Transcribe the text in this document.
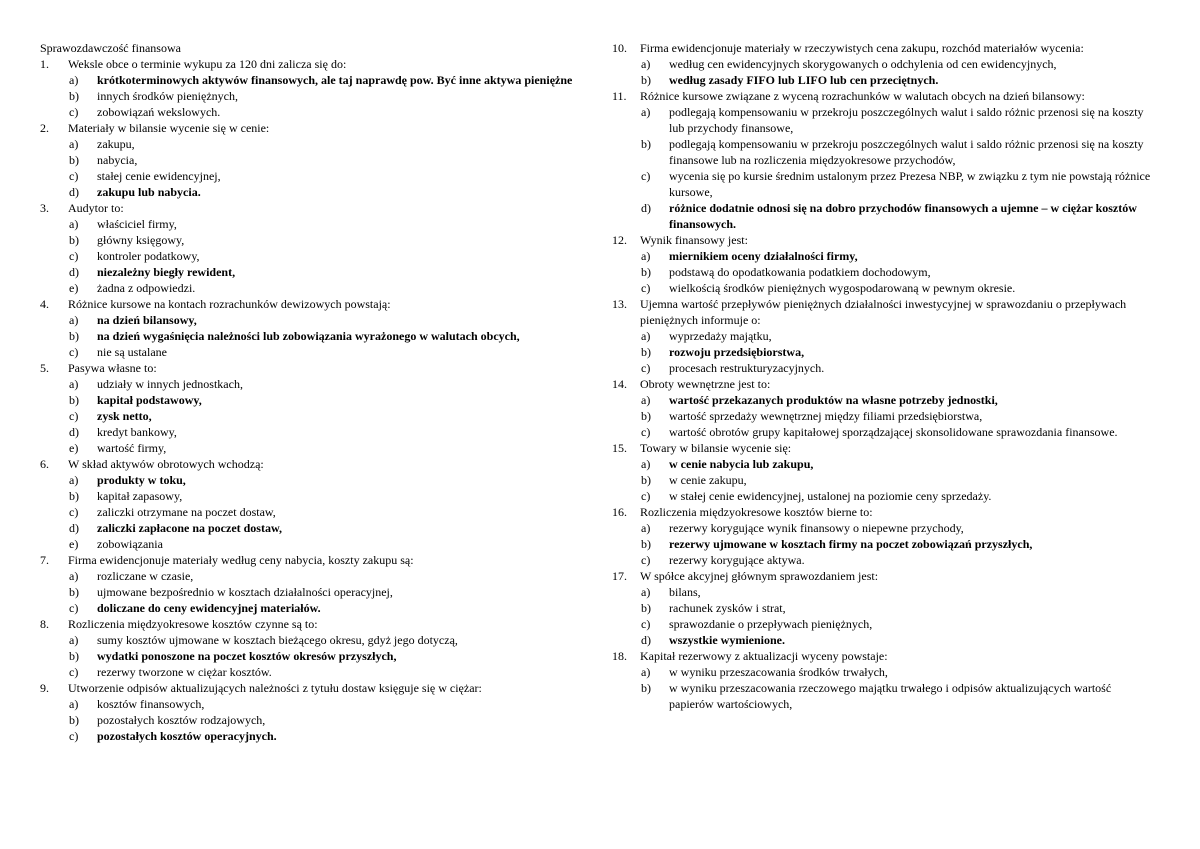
Sprawozdawczość finansowa
1.	Weksle obce o terminie wykupu za 120 dni zalicza się do:
a)	krótkoterminowych aktywów finansowych, ale taj naprawdę pow. Być inne aktywa pieniężne
b)	innych środków pieniężnych,
c)	zobowiązań wekslowych.
2.	Materiały w bilansie wycenie się w cenie:
a)	zakupu,
b)	nabycia,
c)	stałej cenie ewidencyjnej,
d)	zakupu lub nabycia.
3.	Audytor to:
a)	właściciel firmy,
b)	główny księgowy,
c)	kontroler podatkowy,
d)	niezależny biegły rewident,
e)	żadna z odpowiedzi.
4.	Różnice kursowe na kontach rozrachunków dewizowych powstają:
a)	na dzień bilansowy,
b)	na dzień wygaśnięcia należności lub zobowiązania wyrażonego w walutach obcych,
c)	nie są ustalane
5.	Pasywa własne to:
a)	udziały w innych jednostkach,
b)	kapitał podstawowy,
c)	zysk netto,
d)	kredyt bankowy,
e)	wartość firmy,
6.	W skład aktywów obrotowych wchodzą:
a)	produkty w toku,
b)	kapitał zapasowy,
c)	zaliczki otrzymane na poczet dostaw,
d)	zaliczki zapłacone na poczet dostaw,
e)	zobowiązania
7.	Firma ewidencjonuje materiały według ceny nabycia, koszty zakupu są:
a)	rozliczane w czasie,
b)	ujmowane bezpośrednio w kosztach działalności operacyjnej,
c)	doliczane do ceny ewidencyjnej materiałów.
8.	Rozliczenia międzyokresowe kosztów czynne są to:
a)	sumy kosztów ujmowane w kosztach bieżącego okresu, gdyż jego dotyczą,
b)	wydatki ponoszone na poczet kosztów okresów przyszłych,
c)	rezerwy tworzone w ciężar kosztów.
9.	Utworzenie odpisów aktualizujących należności z tytułu dostaw księguje się w ciężar:
a)	kosztów finansowych,
b)	pozostałych kosztów rodzajowych,
c)	pozostałych kosztów operacyjnych.
10.	Firma ewidencjonuje materiały w rzeczywistych cena zakupu, rozchód materiałów wycenia:
a)	według cen ewidencyjnych skorygowanych o odchylenia od cen ewidencyjnych,
b)	według zasady FIFO lub LIFO lub cen przeciętnych.
11.	Różnice kursowe związane z wyceną rozrachunków w walutach obcych na dzień bilansowy:
a)	podlegają kompensowaniu w przekroju poszczególnych walut i saldo różnic przenosi się na koszty lub przychody finansowe,
b)	podlegają kompensowaniu w przekroju poszczególnych walut i saldo różnic przenosi się na koszty finansowe lub na rozliczenia międzyokresowe przychodów,
c)	wycenia się po kursie średnim ustalonym przez Prezesa NBP, w związku z tym nie powstają różnice kursowe,
d)	różnice dodatnie odnosi się na dobro przychodów finansowych a ujemne – w ciężar kosztów finansowych.
12.	Wynik finansowy jest:
a)	miernikiem oceny działalności firmy,
b)	podstawą do opodatkowania podatkiem dochodowym,
c)	wielkością środków pieniężnych wygospodarowaną w pewnym okresie.
13.	Ujemna wartość przepływów pieniężnych działalności inwestycyjnej w sprawozdaniu o przepływach pieniężnych informuje o:
a)	wyprzedaży majątku,
b)	rozwoju przedsiębiorstwa,
c)	procesach restrukturyzacyjnych.
14.	Obroty wewnętrzne jest to:
a)	wartość przekazanych produktów na własne potrzeby jednostki,
b)	wartość sprzedaży wewnętrznej między filiami przedsiębiorstwa,
c)	wartość obrotów grupy kapitałowej sporządzającej skonsolidowane sprawozdania finansowe.
15.	Towary w bilansie wycenie się:
a)	w cenie nabycia lub zakupu,
b)	w cenie zakupu,
c)	w stałej cenie ewidencyjnej, ustalonej na poziomie ceny sprzedaży.
16.	Rozliczenia międzyokresowe kosztów bierne to:
a)	rezerwy korygujące wynik finansowy o niepewne przychody,
b)	rezerwy ujmowane w kosztach firmy na poczet zobowiązań przyszłych,
c)	rezerwy korygujące aktywa.
17.	W spółce akcyjnej głównym sprawozdaniem jest:
a)	bilans,
b)	rachunek zysków i strat,
c)	sprawozdanie o przepływach pieniężnych,
d)	wszystkie wymienione.
18.	Kapitał rezerwowy z aktualizacji wyceny powstaje:
a)	w wyniku przeszacowania środków trwałych,
b)	w wyniku przeszacowania rzeczowego majątku trwałego i odpisów aktualizujących wartość papierów wartościowych,
